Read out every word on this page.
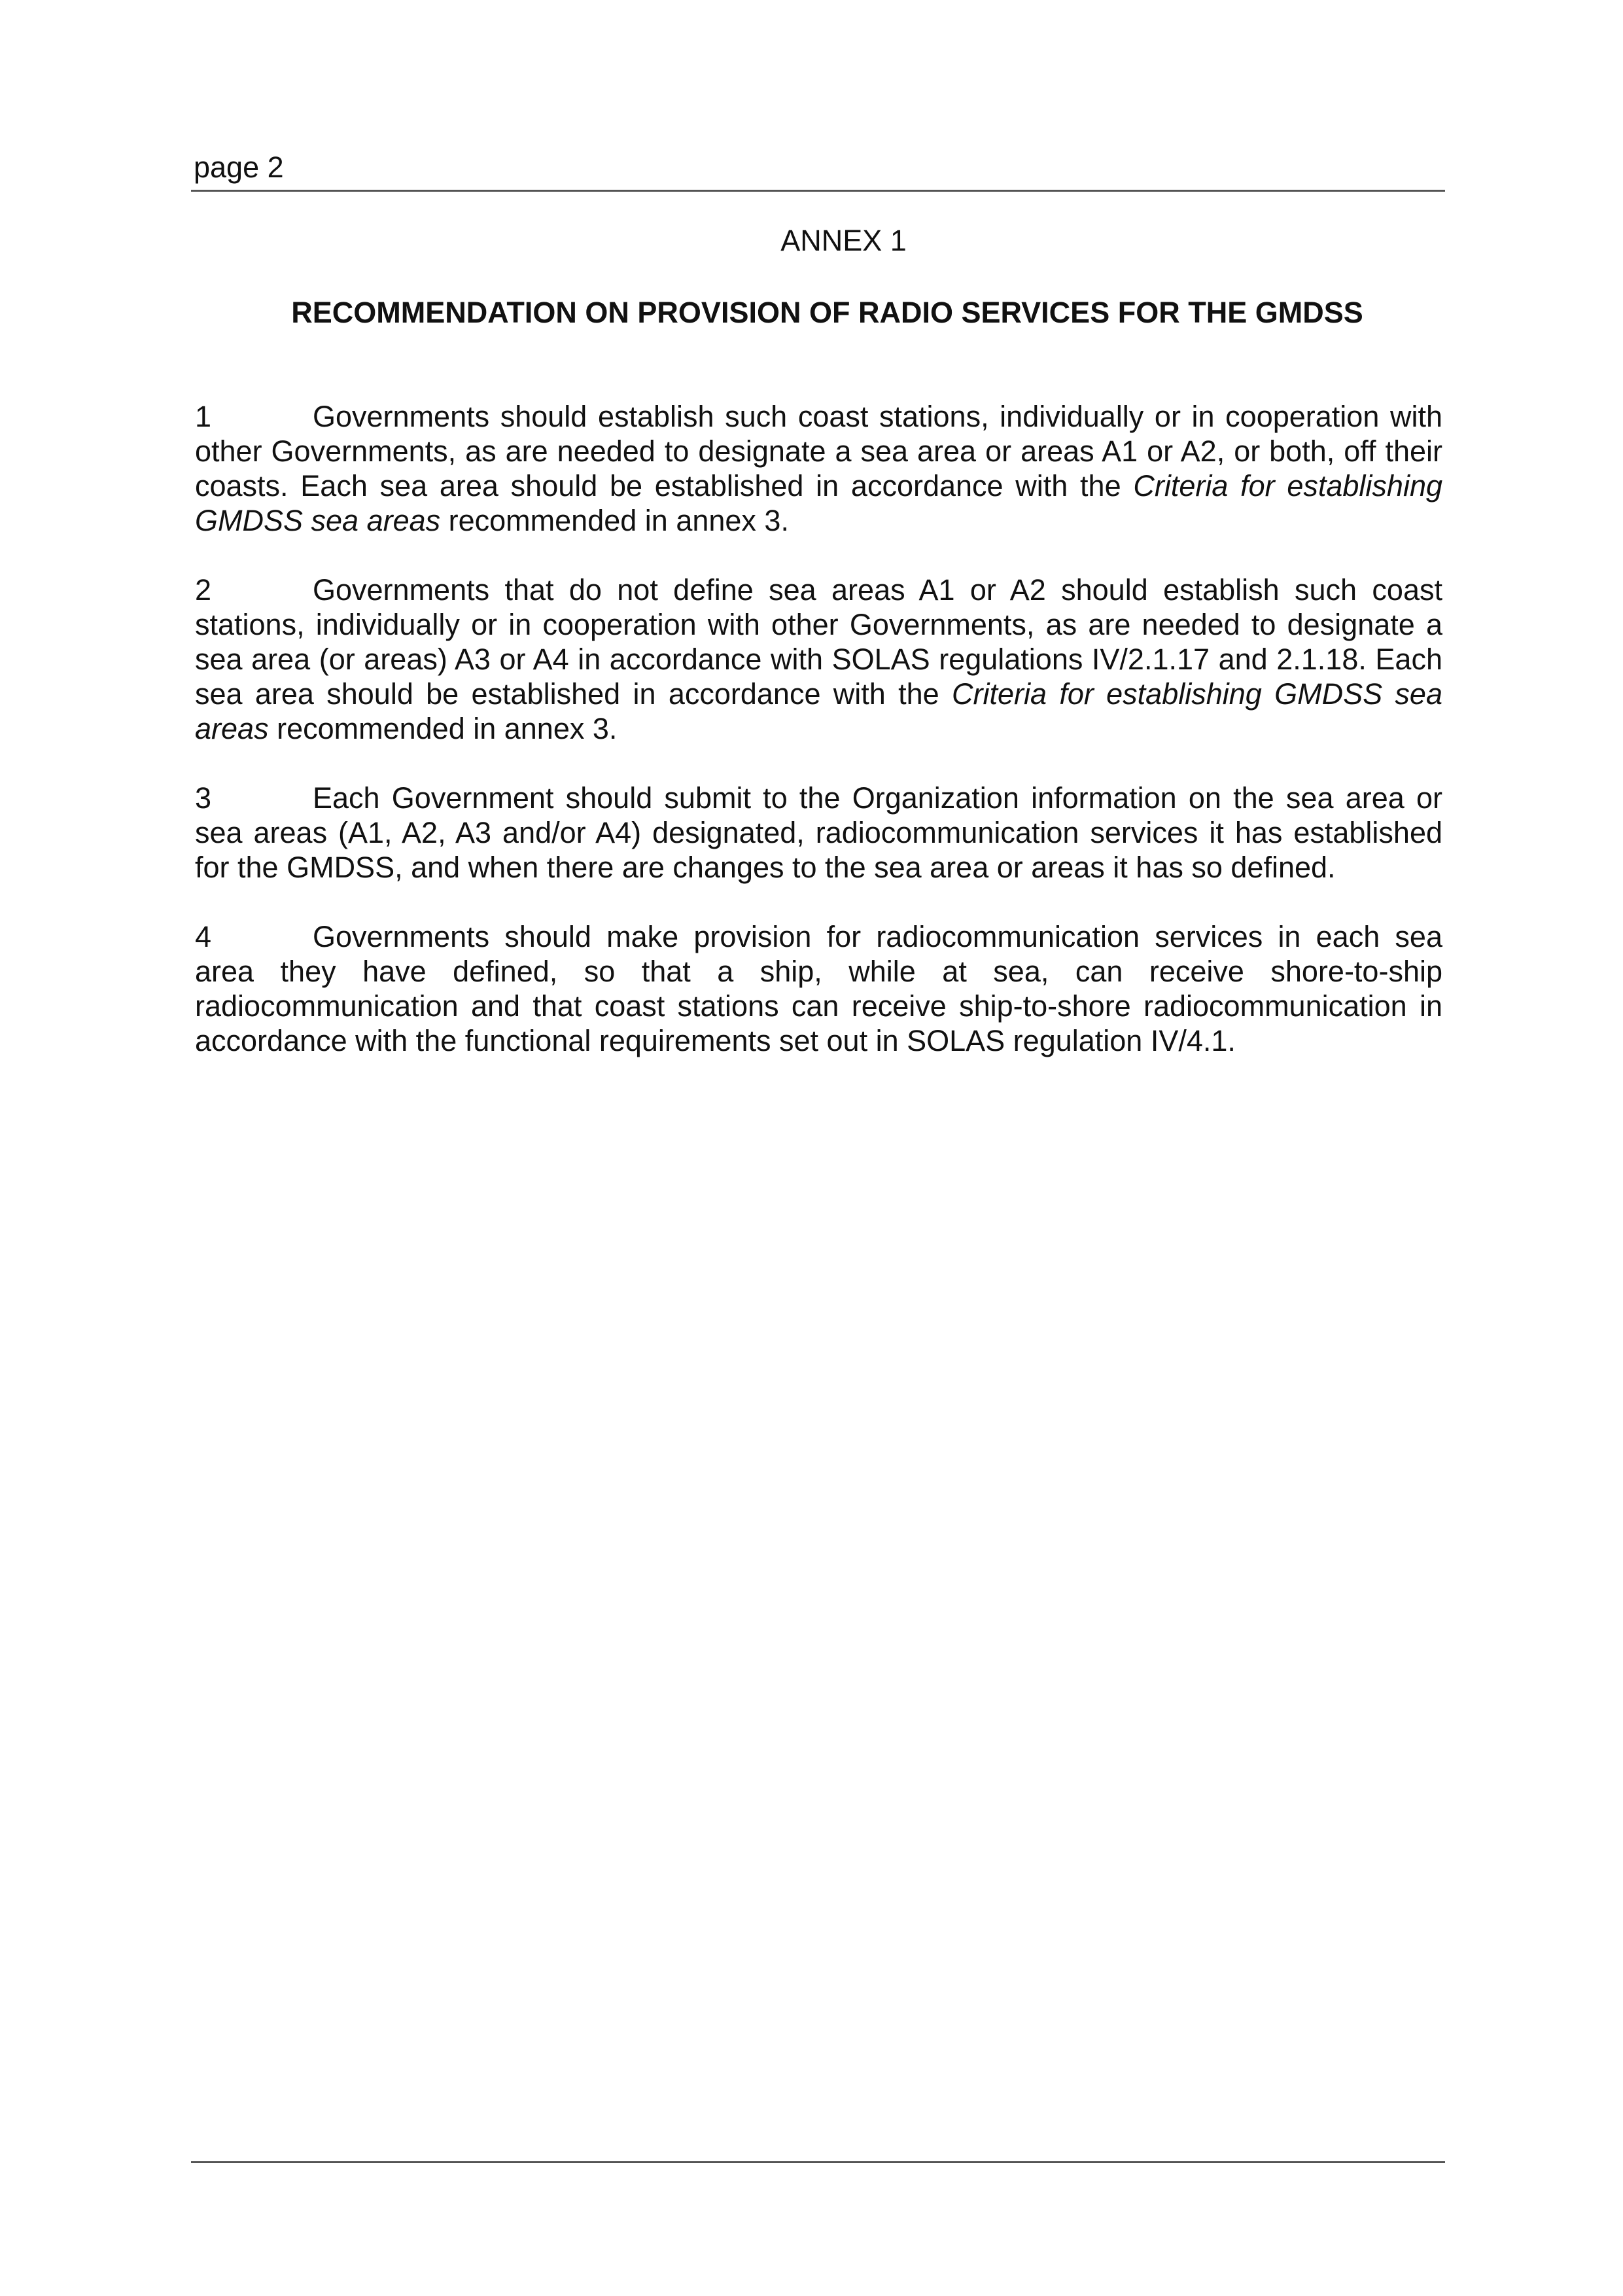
page 2
ANNEX 1
RECOMMENDATION ON PROVISION OF RADIO SERVICES FOR THE GMDSS

1	Governments should establish such coast stations, individually or in cooperation with other Governments, as are needed to designate a sea area or areas A1 or A2, or both, off their coasts. Each sea area should be established in accordance with the Criteria for establishing GMDSS sea areas recommended in annex 3.

2	Governments that do not define sea areas A1 or A2 should establish such coast stations, individually or in cooperation with other Governments, as are needed to designate a sea area (or areas) A3 or A4 in accordance with SOLAS regulations IV/2.1.17 and 2.1.18. Each sea area should be established in accordance with the Criteria for establishing GMDSS sea areas recommended in annex 3.

3	Each Government should submit to the Organization information on the sea area or sea areas (A1, A2, A3 and/or A4) designated, radiocommunication services it has established for the GMDSS, and when there are changes to the sea area or areas it has so defined.

4	Governments should make provision for radiocommunication services in each sea area they have defined, so that a ship, while at sea, can receive shore-to-ship radiocommunication and that coast stations can receive ship-to-shore radiocommunication in accordance with the functional requirements set out in SOLAS regulation IV/4.1.
